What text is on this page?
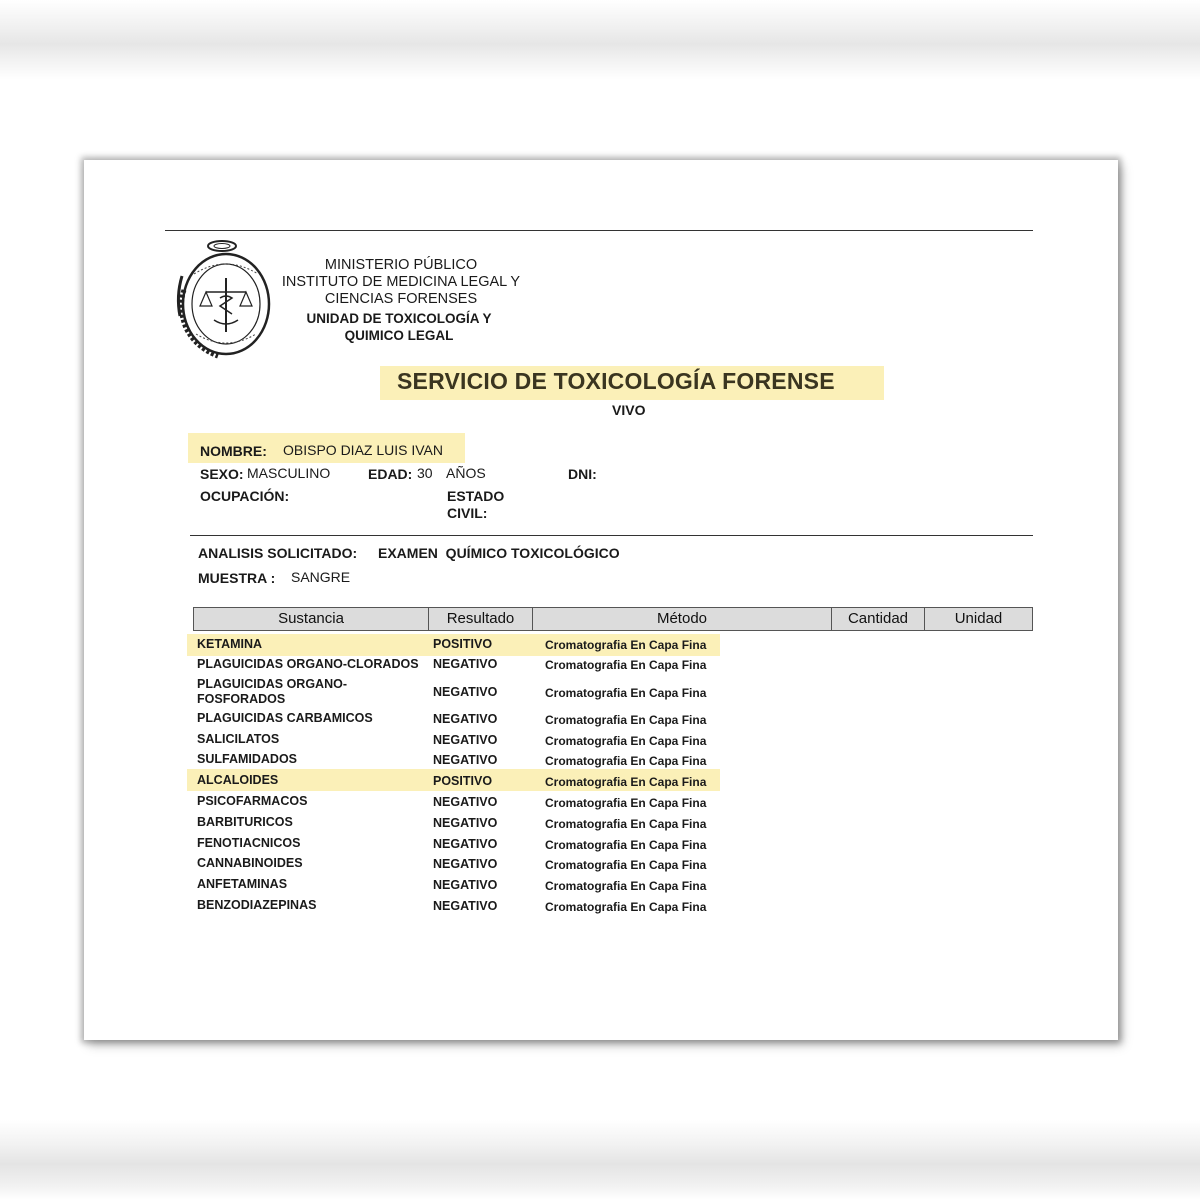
MINISTERIO PÚBLICO
INSTITUTO DE MEDICINA LEGAL Y
CIENCIAS FORENSES
UNIDAD DE TOXICOLOGÍA Y
QUIMICO LEGAL
SERVICIO DE TOXICOLOGÍA FORENSE
VIVO
NOMBRE: OBISPO DIAZ LUIS IVAN
SEXO: MASCULINO	EDAD: 30 AÑOS	DNI:
OCUPACIÓN:	ESTADO
CIVIL:
ANALISIS SOLICITADO: EXAMEN  QUÍMICO TOXICOLÓGICO
MUESTRA : SANGRE
Sustancia	Resultado	Método	Cantidad	Unidad
KETAMINA	POSITIVO	Cromatografia En Capa Fina
PLAGUICIDAS ORGANO-CLORADOS	NEGATIVO	Cromatografia En Capa Fina
PLAGUICIDAS ORGANO-FOSFORADOS	NEGATIVO	Cromatografia En Capa Fina
PLAGUICIDAS CARBAMICOS	NEGATIVO	Cromatografia En Capa Fina
SALICILATOS	NEGATIVO	Cromatografia En Capa Fina
SULFAMIDADOS	NEGATIVO	Cromatografia En Capa Fina
ALCALOIDES	POSITIVO	Cromatografia En Capa Fina
PSICOFARMACOS	NEGATIVO	Cromatografia En Capa Fina
BARBITURICOS	NEGATIVO	Cromatografia En Capa Fina
FENOTIACNICOS	NEGATIVO	Cromatografia En Capa Fina
CANNABINOIDES	NEGATIVO	Cromatografia En Capa Fina
ANFETAMINAS	NEGATIVO	Cromatografia En Capa Fina
BENZODIAZEPINAS	NEGATIVO	Cromatografia En Capa Fina
